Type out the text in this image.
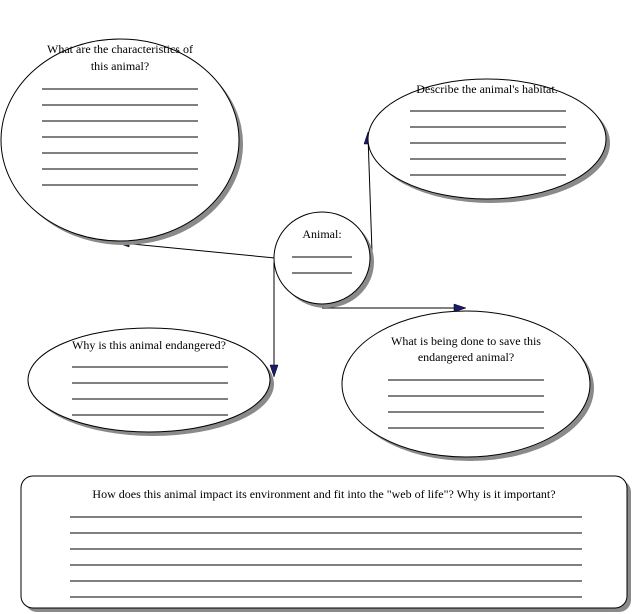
What are the characteristics of
this animal?
Describe the animal's habitat.
Animal:
Why is this animal endangered?	What is being done to save this
endangered animal?
How does this animal impact its environment and fit into the "web of life"? Why is it important?
